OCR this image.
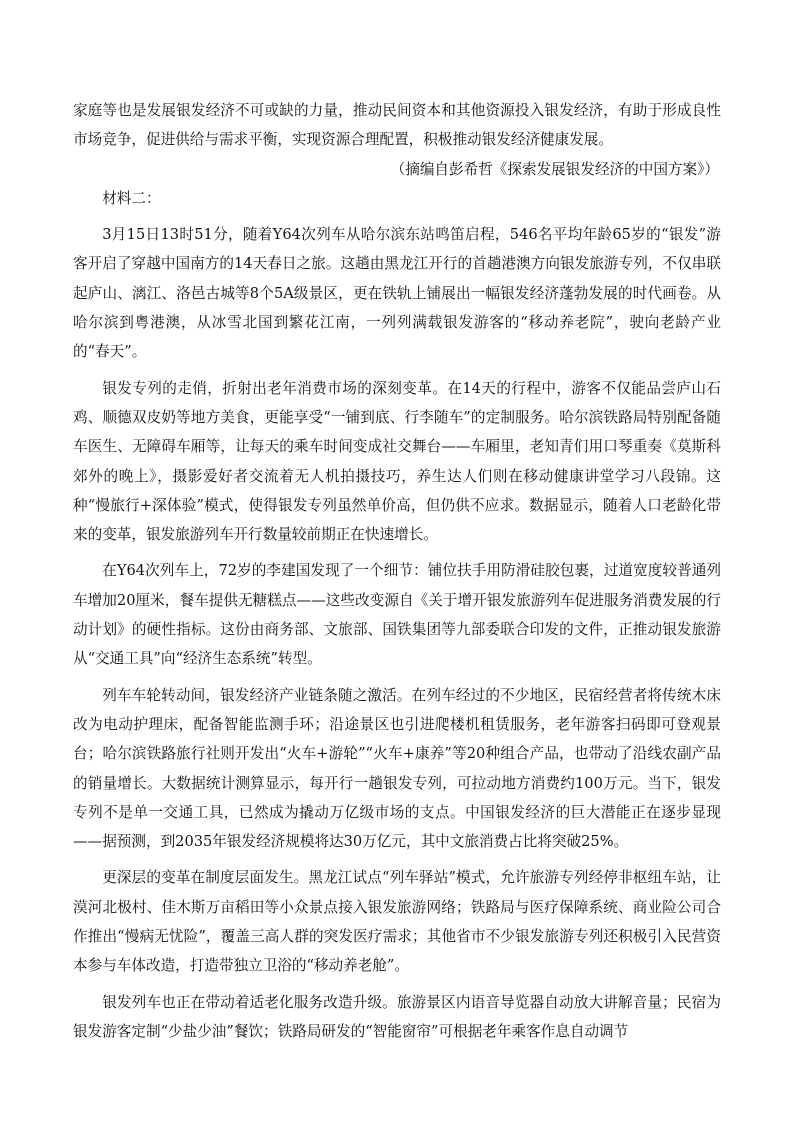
家庭等也是发展银发经济不可或缺的力量，推动民间资本和其他资源投入银发经济，有助于形成良性市场竞争，促进供给与需求平衡，实现资源合理配置，积极推动银发经济健康发展。

（摘编自彭希哲《探索发展银发经济的中国方案》）

材料二：

3月15日13时51分，随着Y64次列车从哈尔滨东站鸣笛启程，546名平均年龄65岁的“银发”游客开启了穿越中国南方的14天春日之旅。这趟由黑龙江开行的首趟港澳方向银发旅游专列，不仅串联起庐山、漓江、洛邑古城等8个5A级景区，更在铁轨上铺展出一幅银发经济蓬勃发展的时代画卷。从哈尔滨到粤港澳，从冰雪北国到繁花江南，一列列满载银发游客的“移动养老院”，驶向老龄产业的“春天”。

银发专列的走俏，折射出老年消费市场的深刻变革。在14天的行程中，游客不仅能品尝庐山石鸡、顺德双皮奶等地方美食，更能享受“一铺到底、行李随车”的定制服务。哈尔滨铁路局特别配备随车医生、无障碍车厢等，让每天的乘车时间变成社交舞台——车厢里，老知青们用口琴重奏《莫斯科郊外的晚上》，摄影爱好者交流着无人机拍摄技巧，养生达人们则在移动健康讲堂学习八段锦。这种“慢旅行+深体验”模式，使得银发专列虽然单价高，但仍供不应求。数据显示，随着人口老龄化带来的变革，银发旅游列车开行数量较前期正在快速增长。

在Y64次列车上，72岁的李建国发现了一个细节：铺位扶手用防滑硅胶包裹，过道宽度较普通列车增加20厘米，餐车提供无糖糕点——这些改变源自《关于增开银发旅游列车促进服务消费发展的行动计划》的硬性指标。这份由商务部、文旅部、国铁集团等九部委联合印发的文件，正推动银发旅游从“交通工具”向“经济生态系统”转型。

列车车轮转动间，银发经济产业链条随之激活。在列车经过的不少地区，民宿经营者将传统木床改为电动护理床，配备智能监测手环；沿途景区也引进爬楼机租赁服务，老年游客扫码即可登观景台；哈尔滨铁路旅行社则开发出“火车+游轮”“火车+康养”等20种组合产品，也带动了沿线农副产品的销量增长。大数据统计测算显示，每开行一趟银发专列，可拉动地方消费约100万元。当下，银发专列不是单一交通工具，已然成为撬动万亿级市场的支点。中国银发经济的巨大潜能正在逐步显现——据预测，到2035年银发经济规模将达30万亿元，其中文旅消费占比将突破25%。

更深层的变革在制度层面发生。黑龙江试点“列车驿站”模式，允许旅游专列经停非枢纽车站，让漠河北极村、佳木斯万亩稻田等小众景点接入银发旅游网络；铁路局与医疗保障系统、商业险公司合作推出“慢病无忧险”，覆盖三高人群的突发医疗需求；其他省市不少银发旅游专列还积极引入民营资本参与车体改造，打造带独立卫浴的“移动养老舱”。

银发列车也正在带动着适老化服务改造升级。旅游景区内语音导览器自动放大讲解音量；民宿为银发游客定制“少盐少油”餐饮；铁路局研发的“智能窗帘”可根据老年乘客作息自动调节
